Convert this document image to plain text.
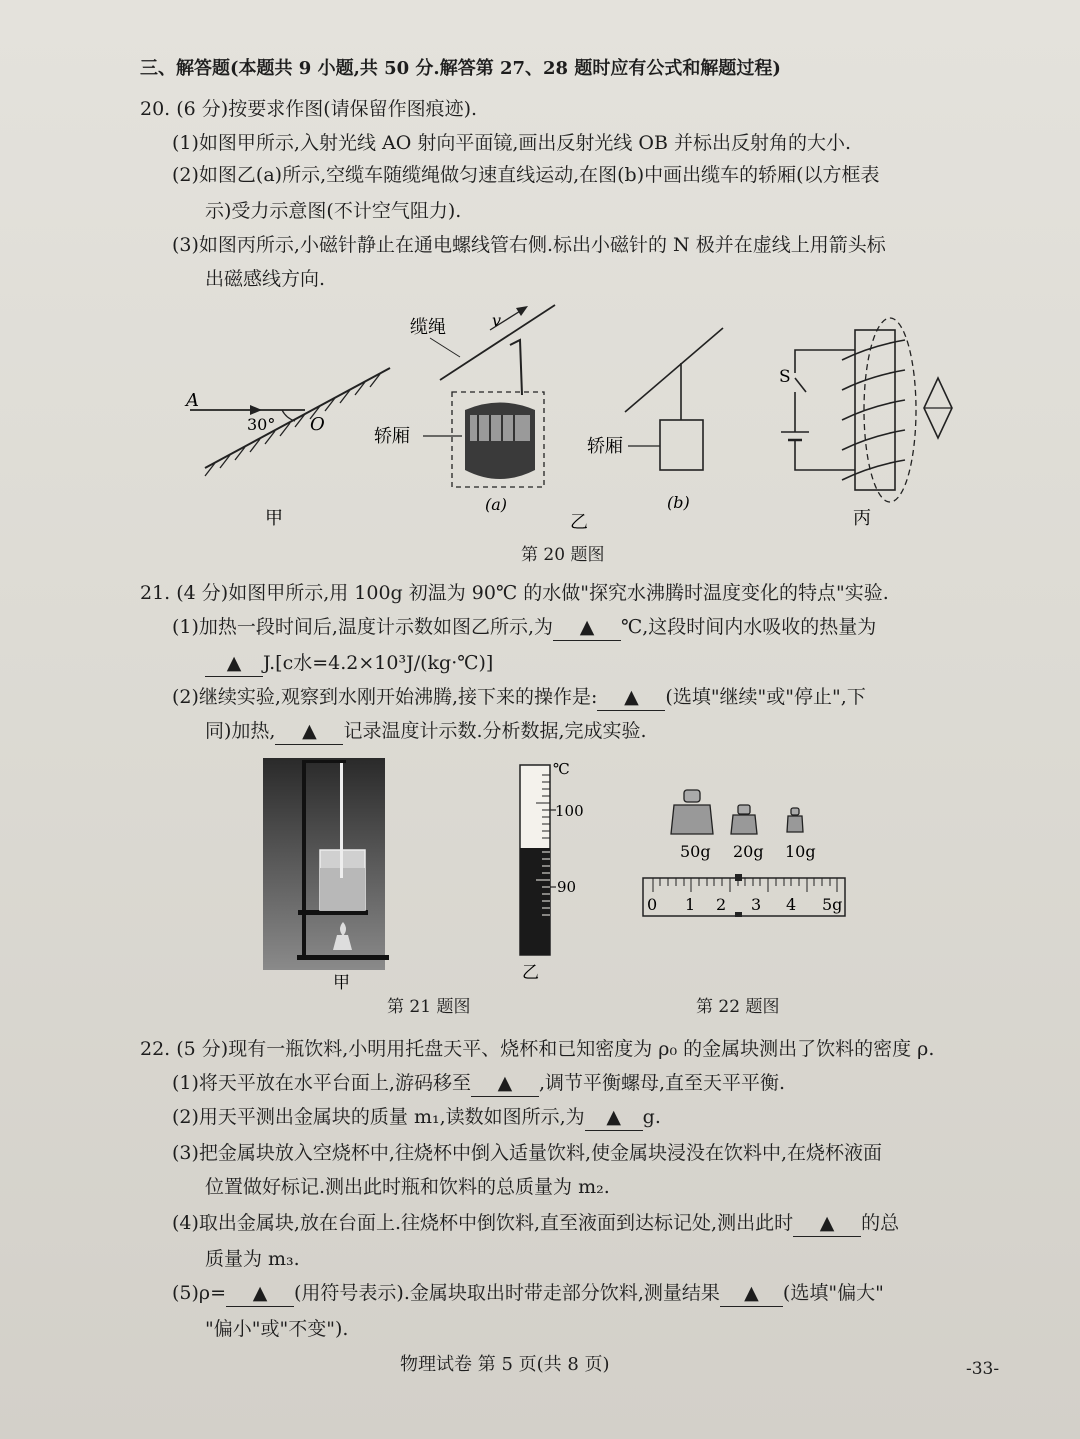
三、解答题(本题共 9 小题,共 50 分.解答第 27、28 题时应有公式和解题过程)
20. (6 分)按要求作图(请保留作图痕迹).
(1)如图甲所示,入射光线 AO 射向平面镜,画出反射光线 OB 并标出反射角的大小.
(2)如图乙(a)所示,空缆车随缆绳做匀速直线运动,在图(b)中画出缆车的轿厢(以方框表
示)受力示意图(不计空气阻力).
(3)如图丙所示,小磁针静止在通电螺线管右侧.标出小磁针的 N 极并在虚线上用箭头标
出磁感线方向.
A
O
30°
甲
缆绳	v
轿厢
(a)
轿厢
(b)
乙
S
丙
第 20 题图
21. (4 分)如图甲所示,用 100g 初温为 90℃ 的水做"探究水沸腾时温度变化的特点"实验.
(1)加热一段时间后,温度计示数如图乙所示,为 ▲ ℃,这段时间内水吸收的热量为
▲ J.[c水=4.2×10³J/(kg·℃)]
(2)继续实验,观察到水刚开始沸腾,接下来的操作是: ▲ (选填"继续"或"停止",下
同)加热, ▲ 记录温度计示数.分析数据,完成实验.
甲
℃
100
90
乙
50g 20g 10g
0 1 2 3 4 5g
第 21 题图	第 22 题图
22. (5 分)现有一瓶饮料,小明用托盘天平、烧杯和已知密度为 ρ₀ 的金属块测出了饮料的密度 ρ.
(1)将天平放在水平台面上,游码移至 ▲ ,调节平衡螺母,直至天平平衡.
(2)用天平测出金属块的质量 m₁,读数如图所示,为 ▲ g.
(3)把金属块放入空烧杯中,往烧杯中倒入适量饮料,使金属块浸没在饮料中,在烧杯液面
位置做好标记.测出此时瓶和饮料的总质量为 m₂.
(4)取出金属块,放在台面上.往烧杯中倒饮料,直至液面到达标记处,测出此时 ▲ 的总
质量为 m₃.
(5)ρ= ▲ (用符号表示).金属块取出时带走部分饮料,测量结果 ▲ (选填"偏大"
"偏小"或"不变").
物理试卷 第 5 页(共 8 页)	-33-
